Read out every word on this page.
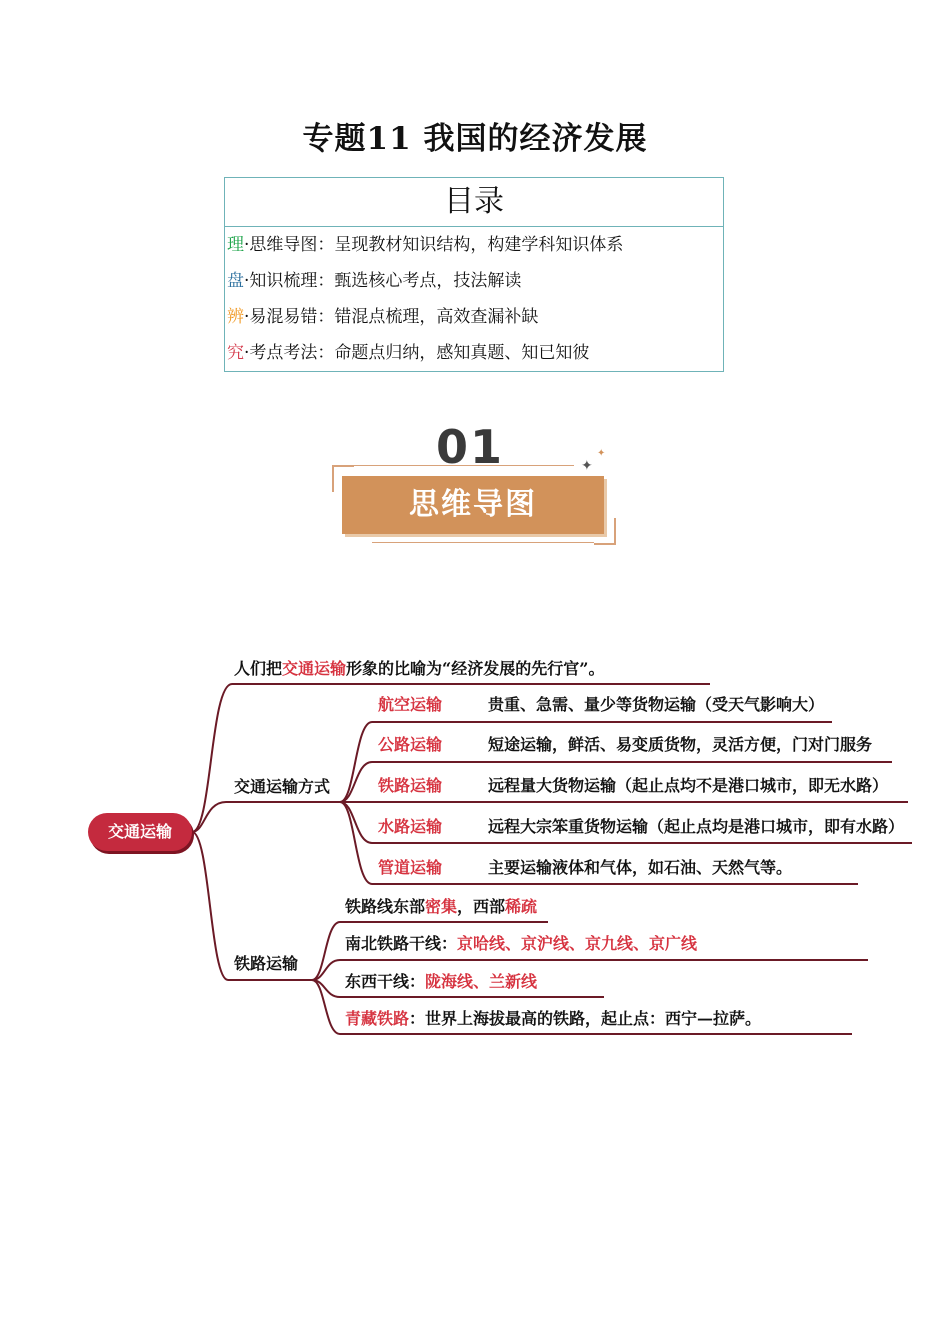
专题11 我国的经济发展
目录
理·思维导图：呈现教材知识结构，构建学科知识体系
盘·知识梳理：甄选核心考点，技法解读
辨·易混易错：错混点梳理，高效查漏补缺
究·考点考法：命题点归纳，感知真题、知已知彼
01	✦
✦
思维导图
交通运输
人们把交通运输形象的比喻为“经济发展的先行官”。
交通运输方式
航空运输	贵重、急需、量少等货物运输（受天气影响大）
公路运输	短途运输，鲜活、易变质货物，灵活方便，门对门服务
铁路运输	远程量大货物运输（起止点均不是港口城市，即无水路）
水路运输	远程大宗笨重货物运输（起止点均是港口城市，即有水路）
管道运输	主要运输液体和气体，如石油、天然气等。
铁路运输
铁路线东部密集，西部稀疏
南北铁路干线：京哈线、京沪线、京九线、京广线
东西干线：陇海线、兰新线
青藏铁路：世界上海拔最高的铁路，起止点：西宁—拉萨。
